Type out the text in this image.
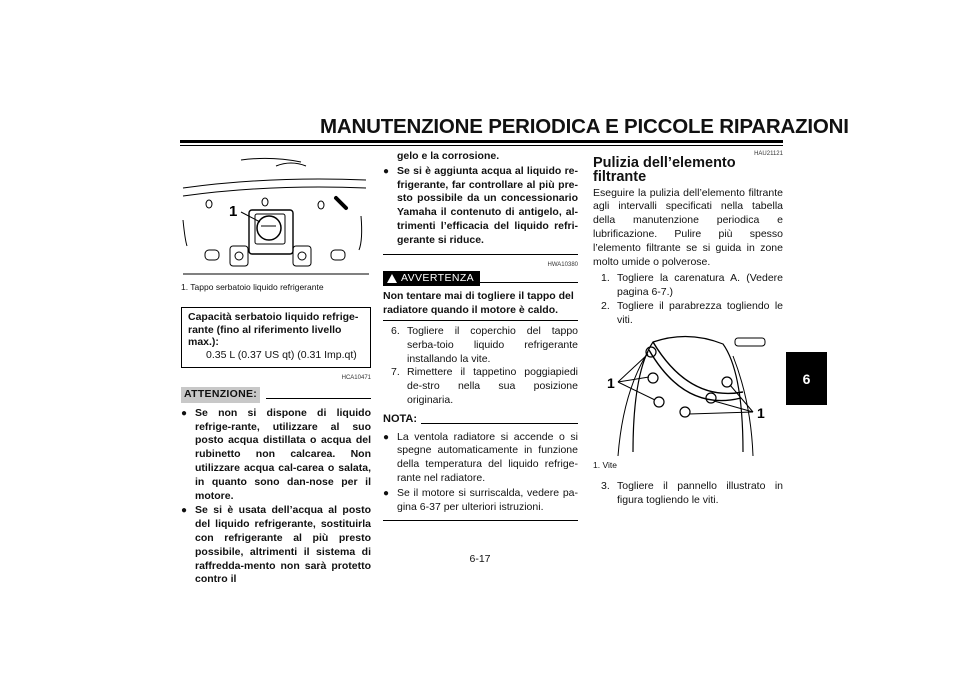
MANUTENZIONE PERIODICA E PICCOLE RIPARAZIONI
6
6-17
1
1. Tappo serbatoio liquido refrigerante
Capacità serbatoio liquido refrige-rante (fino al riferimento livello max.):
0.35 L (0.37 US qt) (0.31 Imp.qt)
HCA10471
ATTENZIONE:
● Se non si dispone di liquido refrige-rante, utilizzare al suo posto acqua distillata o acqua del rubinetto non calcarea. Non utilizzare acqua cal-carea o salata, in quanto sono dan-nose per il motore.
● Se si è usata dell’acqua al posto del liquido refrigerante, sostituirla con refrigerante al più presto possibile, altrimenti il sistema di raffredda-mento non sarà protetto contro il
gelo e la corrosione.
● Se si è aggiunta acqua al liquido re-frigerante, far controllare al più pre-sto possibile da un concessionario Yamaha il contenuto di antigelo, al-trimenti l’efficacia del liquido refri-gerante si riduce.
HWA10380
AVVERTENZA
Non tentare mai di togliere il tappo del radiatore quando il motore è caldo.
6. Togliere il coperchio del tappo serba-toio liquido refrigerante installando la vite.
7. Rimettere il tappetino poggiapiedi de-stro nella sua posizione originaria.
NOTA:
● La ventola radiatore si accende o si spegne automaticamente in funzione della temperatura del liquido refrige-rante nel radiatore.
● Se il motore si surriscalda, vedere pa-gina 6-37 per ulteriori istruzioni.
HAU21121
Pulizia dell’elemento filtrante

Eseguire la pulizia dell’elemento filtrante agli intervalli specificati nella tabella della manutenzione periodica e lubrificazione. Pulire più spesso l’elemento filtrante se si guida in zone molto umide o polverose.

1. Togliere la carenatura A. (Vedere pagina 6-7.)
2. Togliere il parabrezza togliendo le viti.
1
1
1. Vite
3. Togliere il pannello illustrato in figura togliendo le viti.
